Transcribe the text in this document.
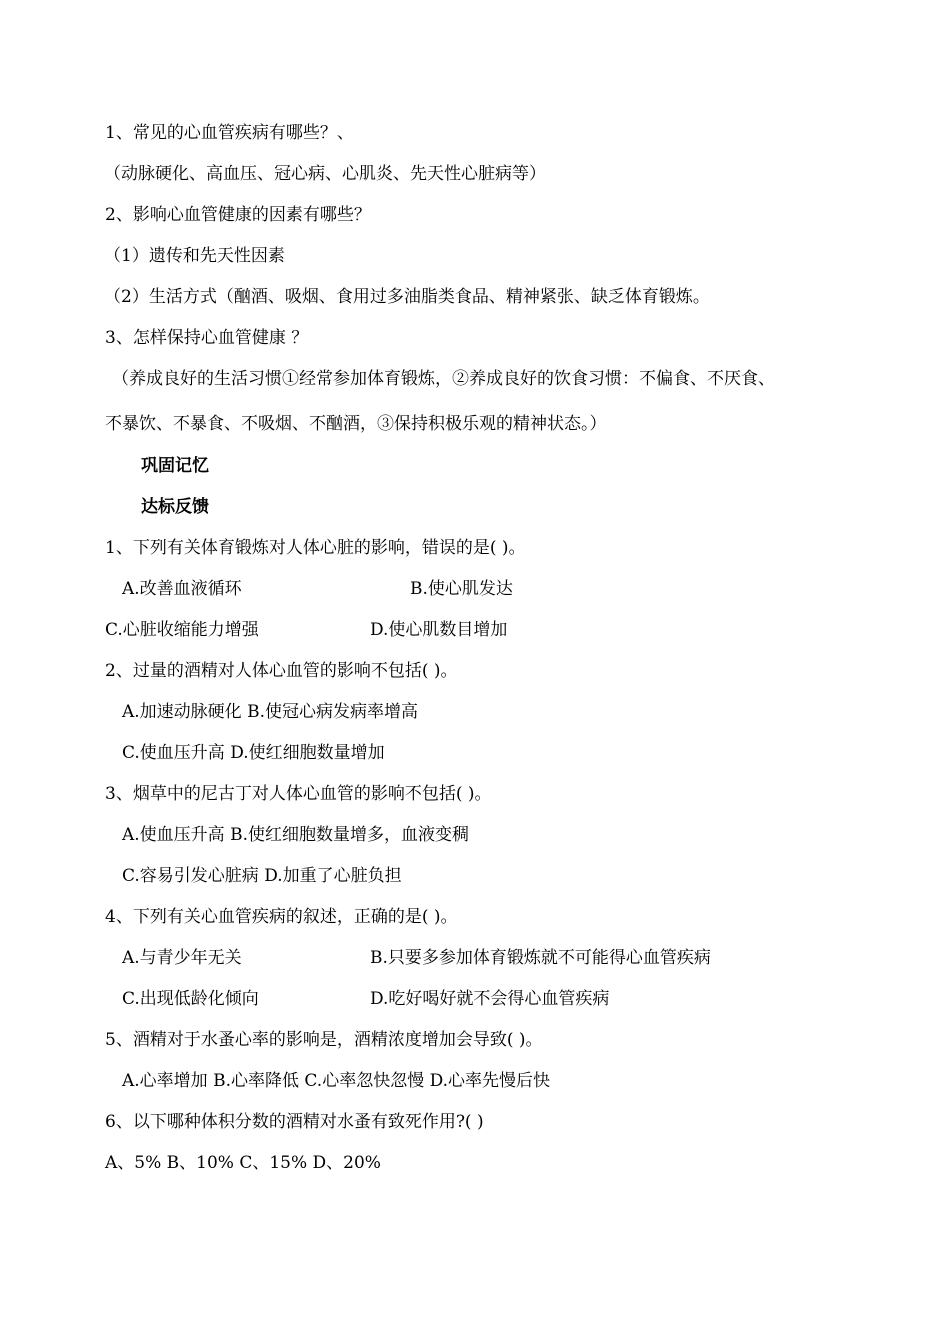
1、常见的心血管疾病有哪些？、
（动脉硬化、高血压、冠心病、心肌炎、先天性心脏病等）
2、影响心血管健康的因素有哪些？
（1）遗传和先天性因素
（2）生活方式（酗酒、吸烟、食用过多油脂类食品、精神紧张、缺乏体育锻炼。
3、怎样保持心血管健康 ？
（养成良好的生活习惯①经常参加体育锻炼，②养成良好的饮食习惯：不偏食、不厌食、
不暴饮、不暴食、不吸烟、不酗酒，③保持积极乐观的精神状态。）
巩固记忆
达标反馈
1、下列有关体育锻炼对人体心脏的影响，错误的是( )。
A.改善血液循环	B.使心肌发达
C.心脏收缩能力增强	D.使心肌数目增加
2、过量的酒精对人体心血管的影响不包括( )。
A.加速动脉硬化 B.使冠心病发病率增高
C.使血压升高 D.使红细胞数量增加
3、烟草中的尼古丁对人体心血管的影响不包括( )。
A.使血压升高 B.使红细胞数量增多，血液变稠
C.容易引发心脏病 D.加重了心脏负担
4、下列有关心血管疾病的叙述，正确的是( )。
A.与青少年无关	B.只要多参加体育锻炼就不可能得心血管疾病
C.出现低龄化倾向	D.吃好喝好就不会得心血管疾病
5、酒精对于水蚤心率的影响是，酒精浓度增加会导致( )。
A.心率增加 B.心率降低 C.心率忽快忽慢 D.心率先慢后快
6、以下哪种体积分数的酒精对水蚤有致死作用?( )
A、5% B、10% C、15% D、20%
